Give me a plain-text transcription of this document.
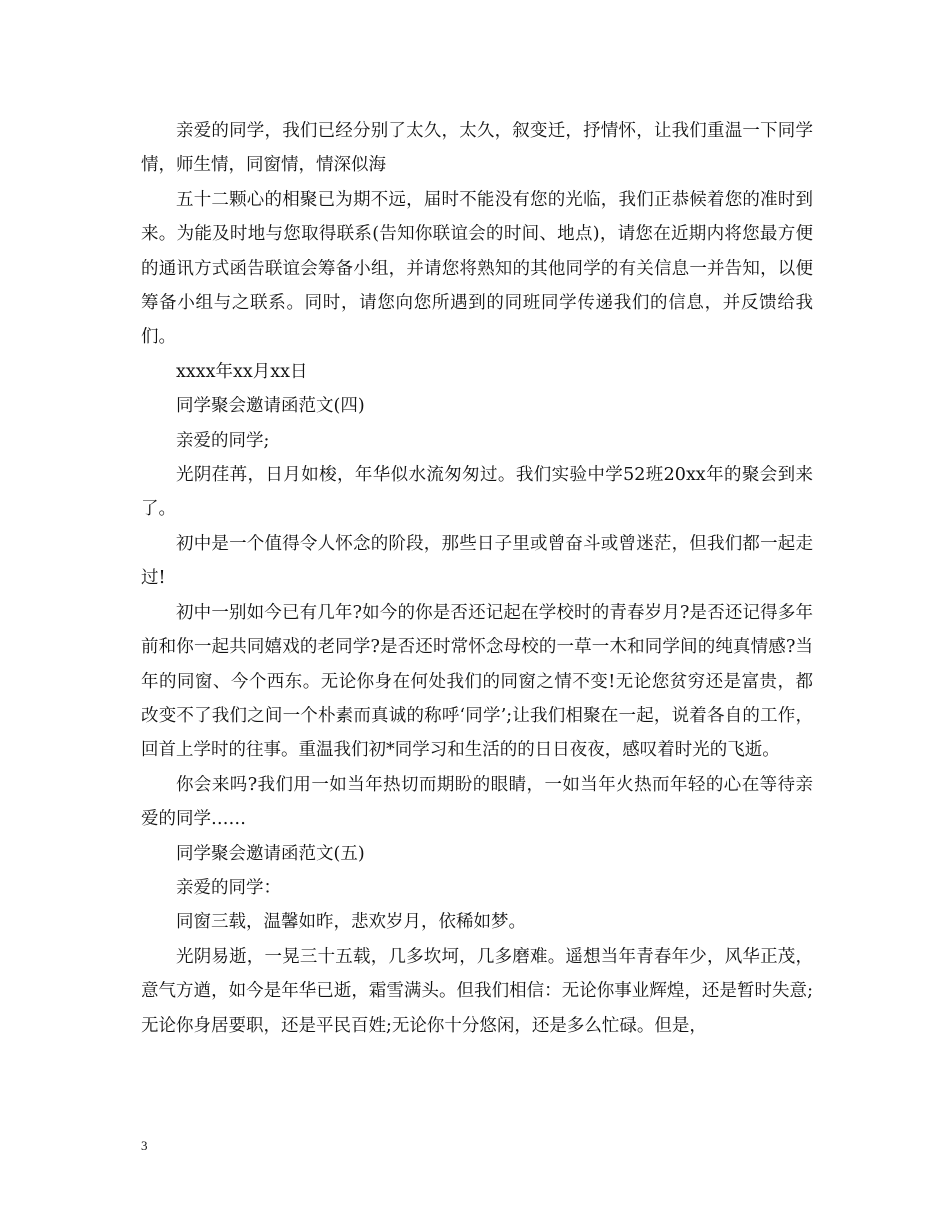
亲爱的同学，我们已经分别了太久，太久，叙变迁，抒情怀，让我们重温一下同学情，师生情，同窗情，情深似海

五十二颗心的相聚已为期不远，届时不能没有您的光临，我们正恭候着您的准时到来。为能及时地与您取得联系(告知你联谊会的时间、地点)，请您在近期内将您最方便的通讯方式函告联谊会筹备小组，并请您将熟知的其他同学的有关信息一并告知，以便筹备小组与之联系。同时，请您向您所遇到的同班同学传递我们的信息，并反馈给我们。

xxxx年xx月xx日

同学聚会邀请函范文(四)

亲爱的同学;

光阴荏苒，日月如梭，年华似水流匆匆过。我们实验中学52班20xx年的聚会到来了。

初中是一个值得令人怀念的阶段，那些日子里或曾奋斗或曾迷茫，但我们都一起走过!

初中一别如今已有几年?如今的你是否还记起在学校时的青春岁月?是否还记得多年前和你一起共同嬉戏的老同学?是否还时常怀念母校的一草一木和同学间的纯真情感?当年的同窗、今个西东。无论你身在何处我们的同窗之情不变!无论您贫穷还是富贵，都改变不了我们之间一个朴素而真诚的称呼‘同学’;让我们相聚在一起，说着各自的工作，回首上学时的往事。重温我们初*同学习和生活的的日日夜夜，感叹着时光的飞逝。

你会来吗?我们用一如当年热切而期盼的眼睛，一如当年火热而年轻的心在等待亲爱的同学……

同学聚会邀请函范文(五)

亲爱的同学：

同窗三载，温馨如昨，悲欢岁月，依稀如梦。

光阴易逝，一晃三十五载，几多坎坷，几多磨难。遥想当年青春年少，风华正茂，意气方遒，如今是年华已逝，霜雪满头。但我们相信：无论你事业辉煌，还是暂时失意;无论你身居要职，还是平民百姓;无论你十分悠闲，还是多么忙碌。但是，

3
